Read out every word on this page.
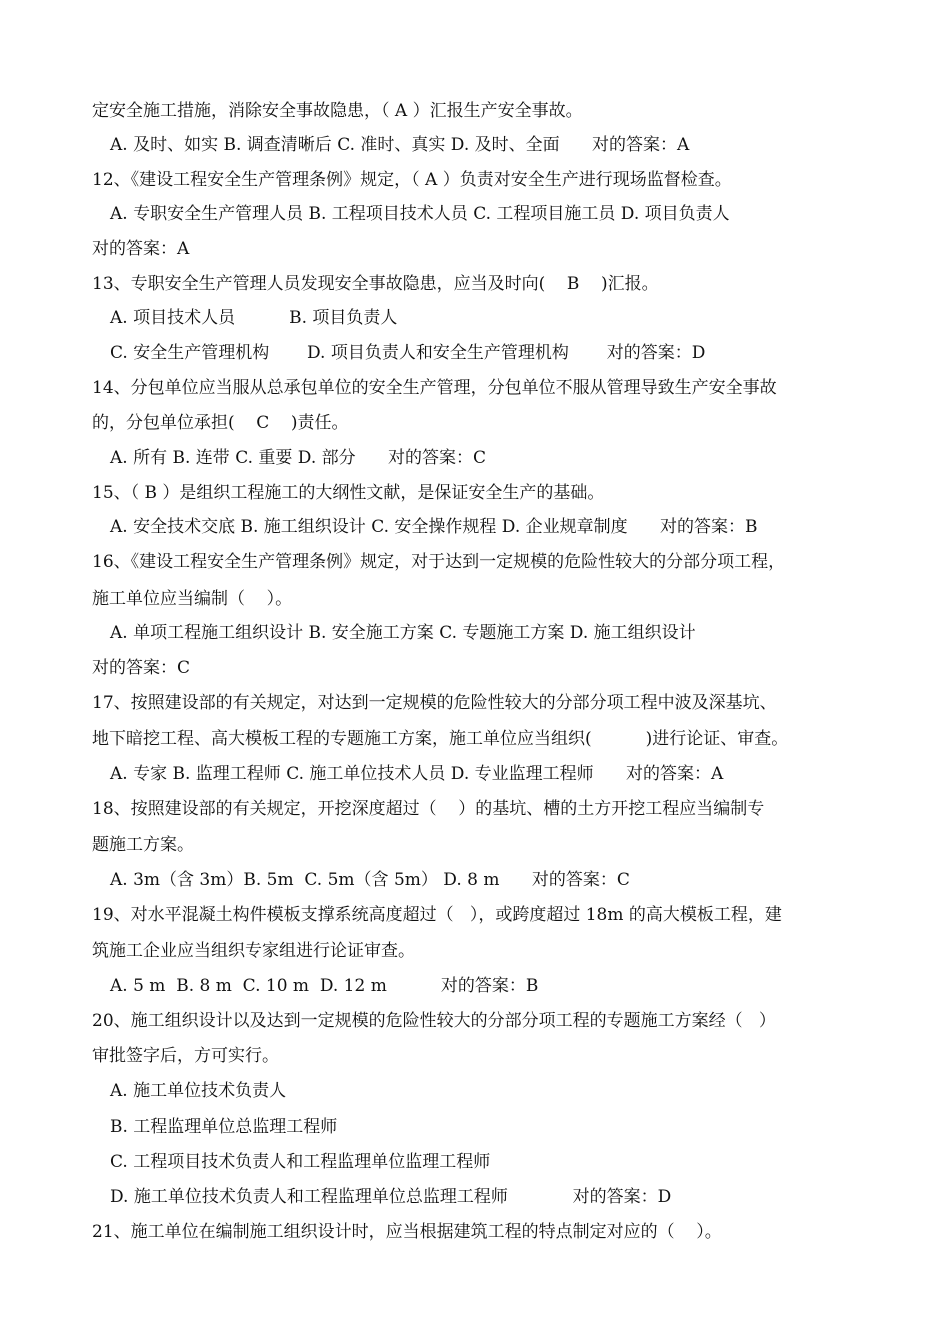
定安全施工措施，消除安全事故隐患，（ A ）汇报生产安全事故。
A. 及时、如实 B. 调查清晰后 C. 准时、真实 D. 及时、全面      对的答案：A
12、《建设工程安全生产管理条例》规定，（ A ）负责对安全生产进行现场监督检查。
A. 专职安全生产管理人员 B. 工程项目技术人员 C. 工程项目施工员 D. 项目负责人
对的答案：A
13、专职安全生产管理人员发现安全事故隐患，应当及时向(    B    )汇报。
A. 项目技术人员          B. 项目负责人
C. 安全生产管理机构       D. 项目负责人和安全生产管理机构       对的答案：D
14、分包单位应当服从总承包单位的安全生产管理，分包单位不服从管理导致生产安全事故
的，分包单位承担(    C    )责任。
A. 所有 B. 连带 C. 重要 D. 部分      对的答案：C
15、（ B ）是组织工程施工的大纲性文献，是保证安全生产的基础。
A. 安全技术交底 B. 施工组织设计 C. 安全操作规程 D. 企业规章制度      对的答案：B
16、《建设工程安全生产管理条例》规定，对于达到一定规模的危险性较大的分部分项工程，
施工单位应当编制（    ）。
A. 单项工程施工组织设计 B. 安全施工方案 C. 专题施工方案 D. 施工组织设计
对的答案：C
17、按照建设部的有关规定，对达到一定规模的危险性较大的分部分项工程中波及深基坑、
地下暗挖工程、高大模板工程的专题施工方案，施工单位应当组织(          )进行论证、审查。
A. 专家 B. 监理工程师 C. 施工单位技术人员 D. 专业监理工程师      对的答案：A
18、按照建设部的有关规定，开挖深度超过（    ）的基坑、槽的土方开挖工程应当编制专
题施工方案。
A. 3m（含 3m）B. 5m  C. 5m（含 5m） D. 8 m      对的答案：C
19、对水平混凝土构件模板支撑系统高度超过（   ），或跨度超过 18m 的高大模板工程，建
筑施工企业应当组织专家组进行论证审查。
A. 5 m  B. 8 m  C. 10 m  D. 12 m          对的答案：B
20、施工组织设计以及达到一定规模的危险性较大的分部分项工程的专题施工方案经（   ）
审批签字后，方可实行。
A. 施工单位技术负责人
B. 工程监理单位总监理工程师
C. 工程项目技术负责人和工程监理单位监理工程师
D. 施工单位技术负责人和工程监理单位总监理工程师            对的答案：D
21、施工单位在编制施工组织设计时，应当根据建筑工程的特点制定对应的（    ）。
